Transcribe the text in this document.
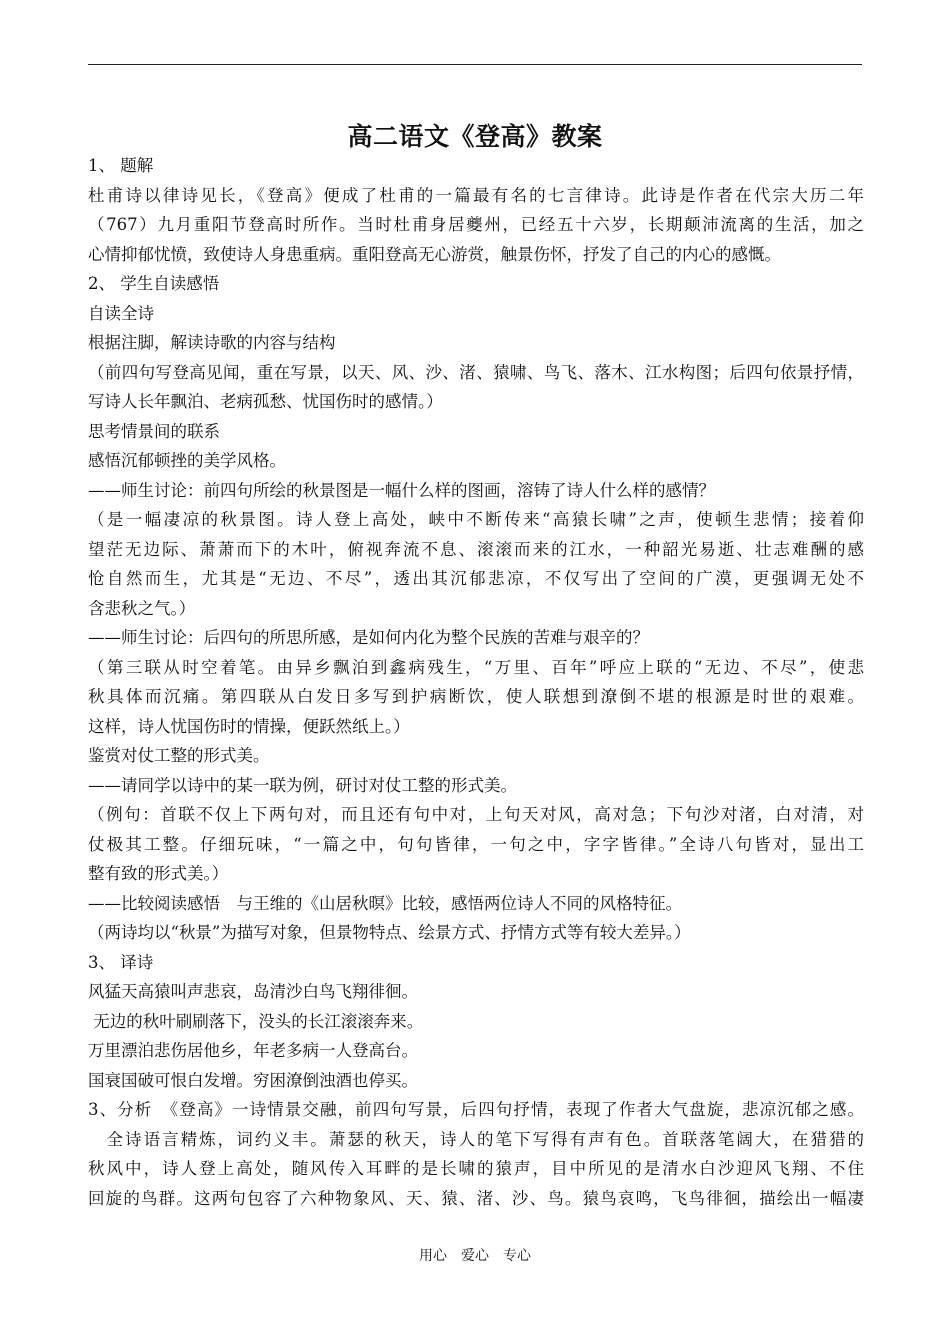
高二语文《登高》教案
1、 题解
杜甫诗以律诗见长，《登高》便成了杜甫的一篇最有名的七言律诗。此诗是作者在代宗大历二年
（767）九月重阳节登高时所作。当时杜甫身居夔州，已经五十六岁，长期颠沛流离的生活，加之
心情抑郁忧愤，致使诗人身患重病。重阳登高无心游赏，触景伤怀，抒发了自己的内心的感慨。
2、 学生自读感悟
自读全诗
根据注脚，解读诗歌的内容与结构
（前四句写登高见闻，重在写景，以天、风、沙、渚、猿啸、鸟飞、落木、江水构图；后四句依景抒情，
写诗人长年飘泊、老病孤愁、忧国伤时的感情。）
思考情景间的联系
感悟沉郁顿挫的美学风格。
——师生讨论：前四句所绘的秋景图是一幅什么样的图画，溶铸了诗人什么样的感情？
（是一幅凄凉的秋景图。诗人登上高处，峡中不断传来“高猿长啸”之声，使顿生悲情；接着仰
望茫无边际、萧萧而下的木叶，俯视奔流不息、滚滚而来的江水，一种韶光易逝、壮志难酬的感
怆自然而生，尤其是“无边、不尽”，透出其沉郁悲凉，不仅写出了空间的广漠，更强调无处不
含悲秋之气。）
——师生讨论：后四句的所思所感，是如何内化为整个民族的苦难与艰辛的？
（第三联从时空着笔。由异乡飘泊到鑫病残生，“万里、百年”呼应上联的“无边、不尽”，使悲
秋具体而沉痛。第四联从白发日多写到护病断饮，使人联想到潦倒不堪的根源是时世的艰难。
这样，诗人忧国伤时的情操，便跃然纸上。）
鉴赏对仗工整的形式美。
——请同学以诗中的某一联为例，研讨对仗工整的形式美。
（例句：首联不仅上下两句对，而且还有句中对，上句天对风，高对急；下句沙对渚，白对清，对
仗极其工整。仔细玩味，“一篇之中，句句皆律，一句之中，字字皆律。”全诗八句皆对，显出工
整有致的形式美。）
——比较阅读感悟　与王维的《山居秋暝》比较，感悟两位诗人不同的风格特征。
（两诗均以“秋景”为描写对象，但景物特点、绘景方式、抒情方式等有较大差异。）
3、 译诗
风猛天高猿叫声悲哀，岛清沙白鸟飞翔徘徊。
无边的秋叶刷刷落下，没头的长江滚滚奔来。
万里漂泊悲伤居他乡，年老多病一人登高台。
国衰国破可恨白发增。穷困潦倒浊酒也停买。
3、分析　《登高》一诗情景交融，前四句写景，后四句抒情，表现了作者大气盘旋，悲凉沉郁之感。
　全诗语言精炼，词约义丰。萧瑟的秋天，诗人的笔下写得有声有色。首联落笔阔大，在猎猎的
秋风中，诗人登上高处，随风传入耳畔的是长啸的猿声，目中所见的是清水白沙迎风飞翔、不住
回旋的鸟群。这两句包容了六种物象风、天、猿、渚、沙、鸟。猿鸟哀鸣，飞鸟徘徊，描绘出一幅凄
用心　爱心　专心
